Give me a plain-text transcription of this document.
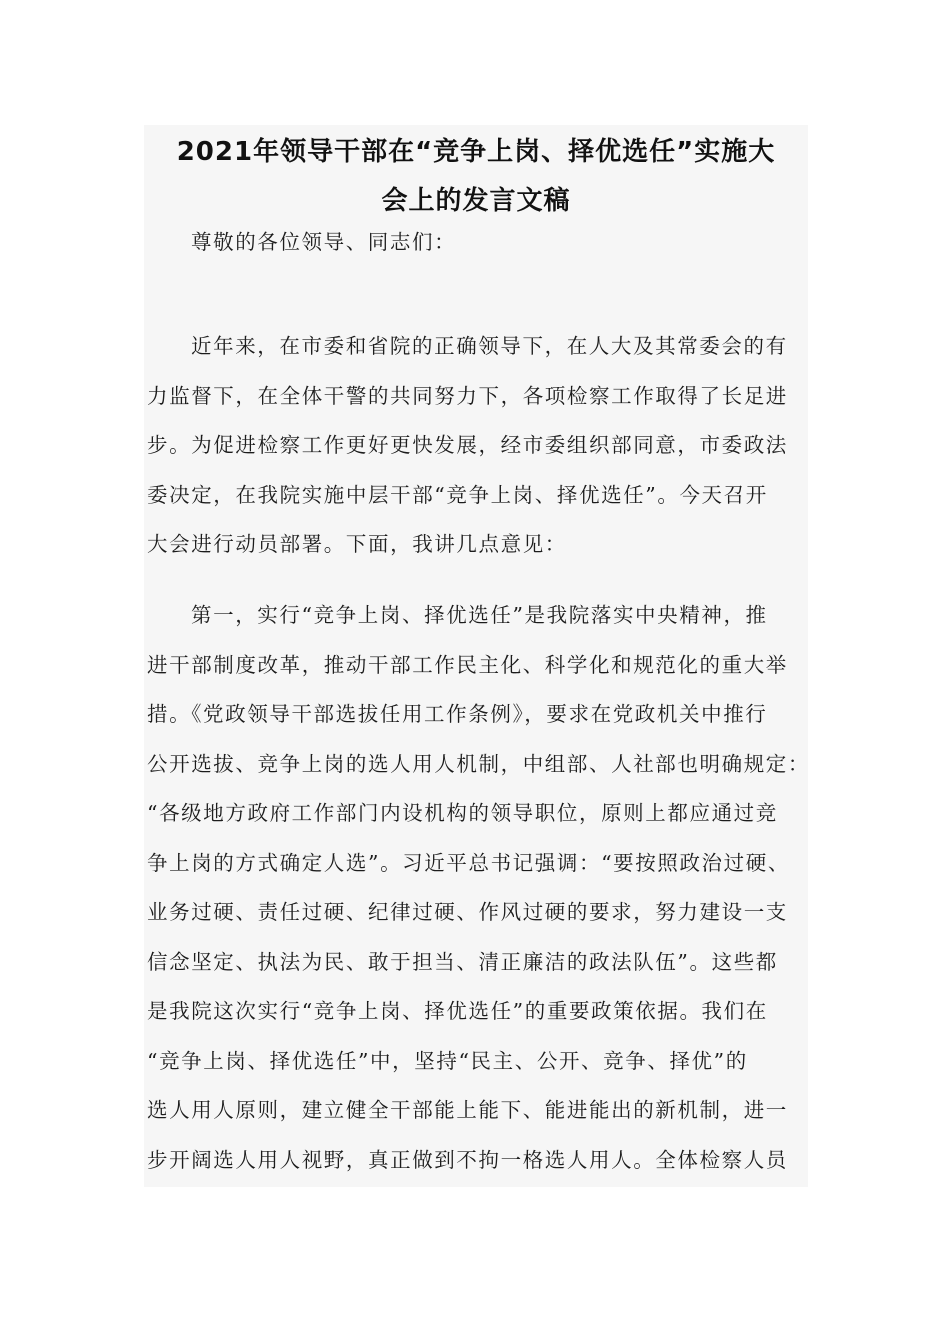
2021年领导干部在“竞争上岗、择优选任”实施大
会上的发言文稿

尊敬的各位领导、同志们：

近年来，在市委和省院的正确领导下，在人大及其常委会的有
力监督下，在全体干警的共同努力下，各项检察工作取得了长足进
步。为促进检察工作更好更快发展，经市委组织部同意，市委政法
委决定，在我院实施中层干部“竞争上岗、择优选任”。今天召开
大会进行动员部署。下面，我讲几点意见：

第一，实行“竞争上岗、择优选任”是我院落实中央精神，推
进干部制度改革，推动干部工作民主化、科学化和规范化的重大举
措。《党政领导干部选拔任用工作条例》，要求在党政机关中推行
公开选拔、竞争上岗的选人用人机制，中组部、人社部也明确规定：
“各级地方政府工作部门内设机构的领导职位，原则上都应通过竞
争上岗的方式确定人选”。习近平总书记强调：“要按照政治过硬、
业务过硬、责任过硬、纪律过硬、作风过硬的要求，努力建设一支
信念坚定、执法为民、敢于担当、清正廉洁的政法队伍”。这些都
是我院这次实行“竞争上岗、择优选任”的重要政策依据。我们在
“竞争上岗、择优选任”中，坚持“民主、公开、竞争、择优”的
选人用人原则，建立健全干部能上能下、能进能出的新机制，进一
步开阔选人用人视野，真正做到不拘一格选人用人。全体检察人员
